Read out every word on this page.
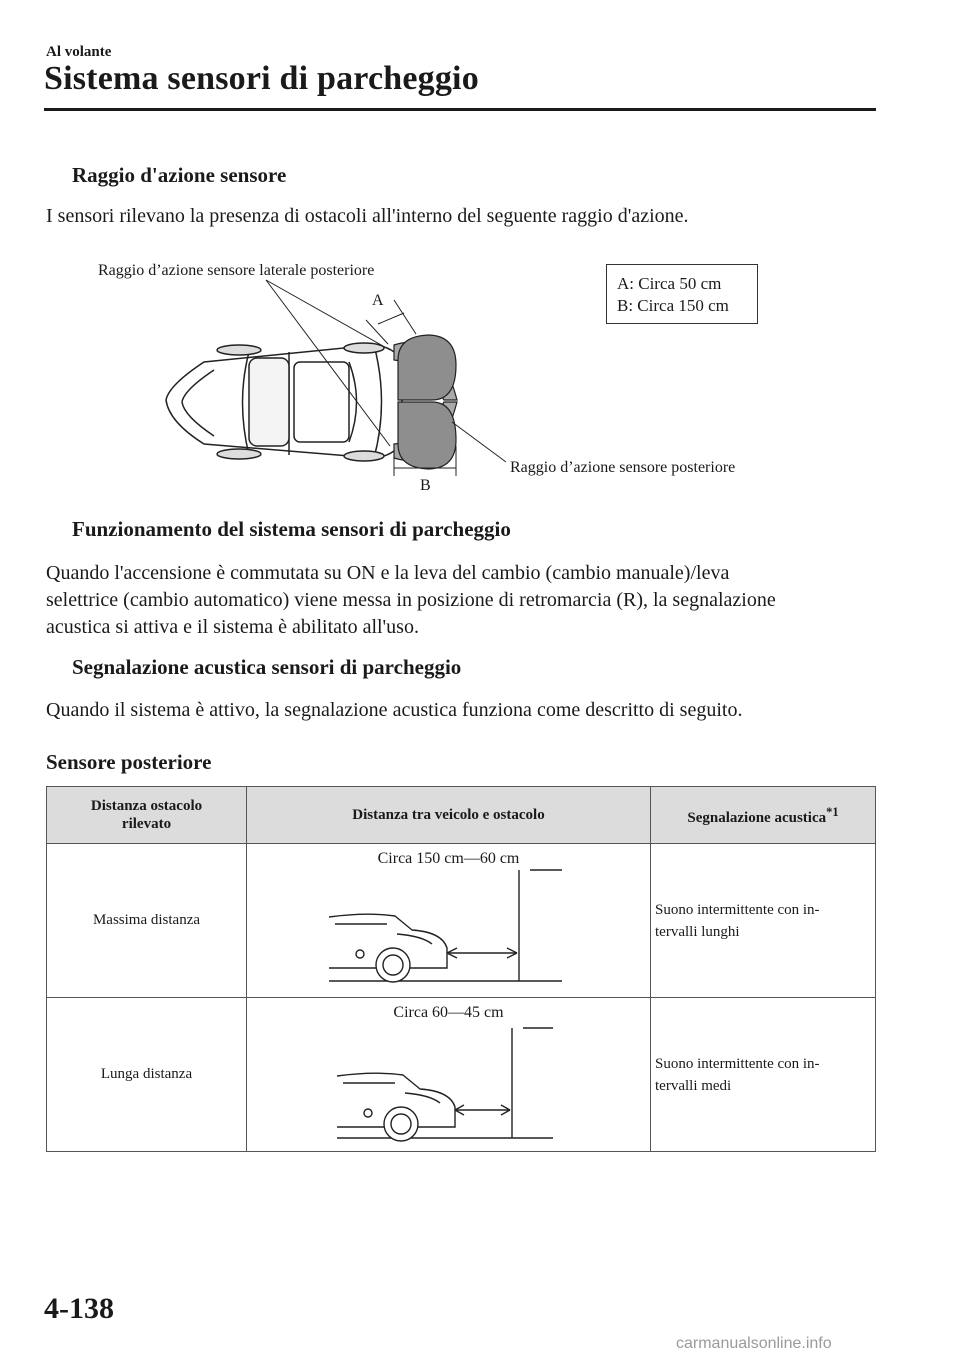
Al volante
Sistema sensori di parcheggio
Raggio d'azione sensore
I sensori rilevano la presenza di ostacoli all'interno del seguente raggio d'azione.
Raggio d’azione sensore laterale posteriore
A
B
Raggio d’azione sensore posteriore
A: Circa 50 cm
B: Circa 150 cm
Funzionamento del sistema sensori di parcheggio
Quando l'accensione è commutata su ON e la leva del cambio (cambio manuale)/leva
selettrice (cambio automatico) viene messa in posizione di retromarcia (R), la segnalazione
acustica si attiva e il sistema è abilitato all'uso.
Segnalazione acustica sensori di parcheggio
Quando il sistema è attivo, la segnalazione acustica funziona come descritto di seguito.
Sensore posteriore
Distanza ostacolo
rilevato	Distanza tra veicolo e ostacolo	Segnalazione acustica$^{*1}$
Massima distanza	Circa 150 cm—60 cm	Suono intermittente con in-
tervalli lunghi

Lunga distanza	Circa 60—45 cm	Suono intermittente con in-
tervalli medi
4-138
carmanualsonline.info
